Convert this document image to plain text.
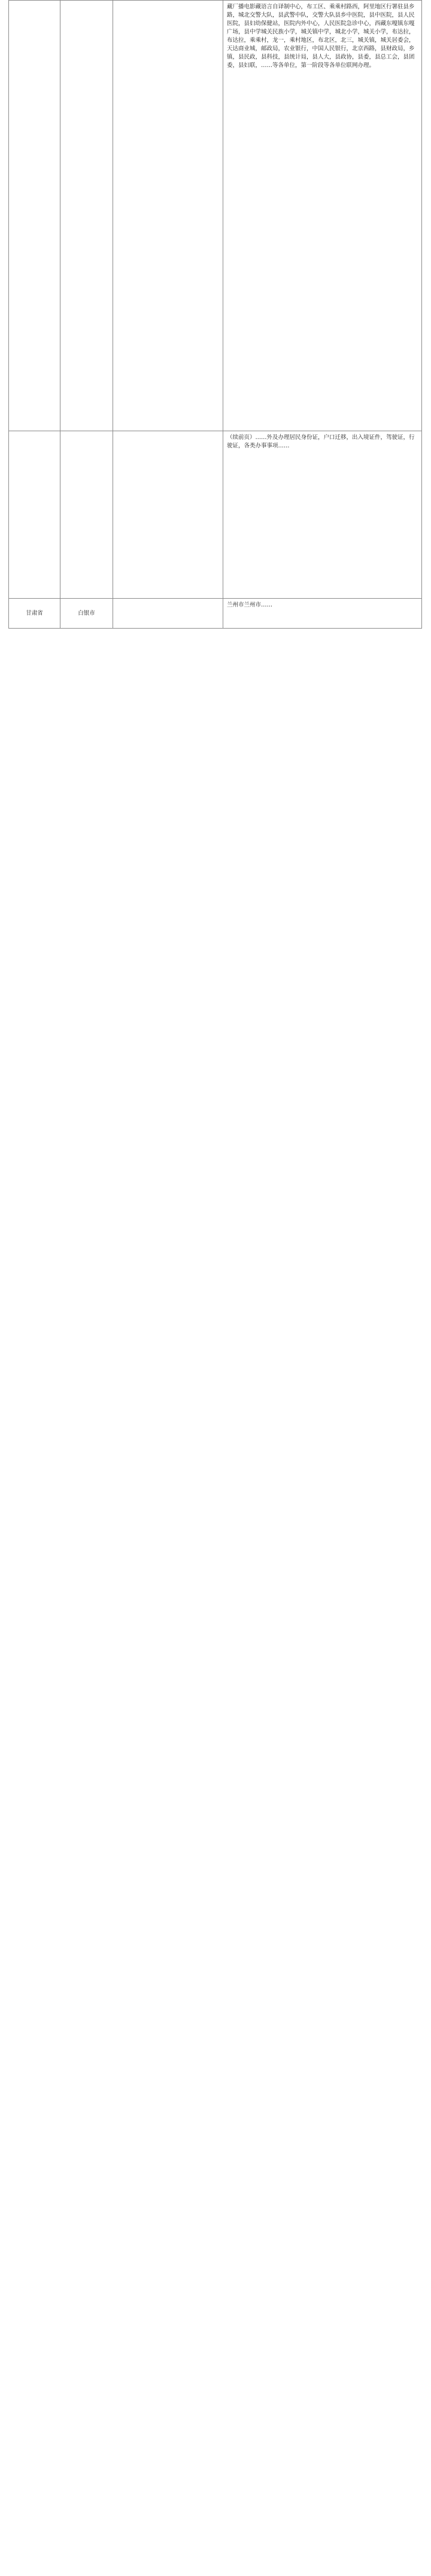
			藏厂播电影藏语言自译制中心，布工区、乘乘村路西，阿里地区行署驻县乡路，城北交警大队，县武警中队，交警大队县乡中医院，县中医院，县人民医院，县妇幼保健站，医院内外中心，人民医院急诊中心，西藏东嘎镇东嘎广场，县中学城关民族小学，城关镇中学，城北小学，城关小学，布达拉，布达拉，乘乘村，龙一，乘村地区，布北区，北三，城关镇，城关居委会，天达商业城，邮政局，农业银行，中国人民银行，北京西路，县财政局，乡镇，县民政，县科技，县统计局，县人大，县政协，县委，县总工会，县团委，县妇联，……等各单位，第一阶段等各单位联网办理。
			（续前页）……外及办理居民身份证，户口迁移，出入境证件，驾驶证，行驶证，各类办事事项……
甘肃省	白银市		兰州市兰州市……
